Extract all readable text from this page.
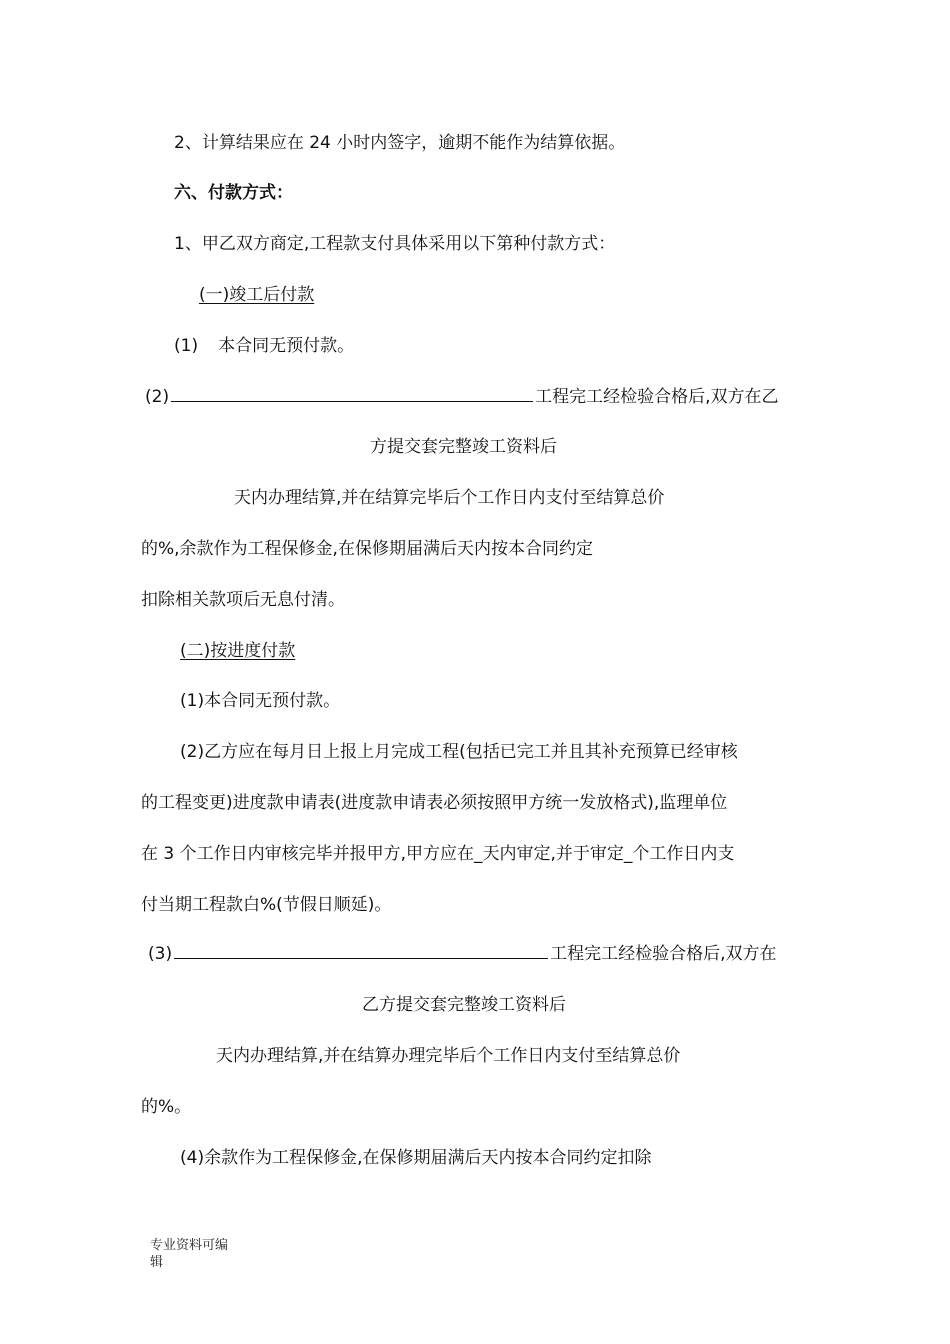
2、计算结果应在 24 小时内签字，逾期不能作为结算依据。
六、付款方式：
1、甲乙双方商定,工程款支付具体采用以下第种付款方式：
(一)竣工后付款
(1) 本合同无预付款。
(2)	工程完工经检验合格后,双方在乙
方提交套完整竣工资料后
天内办理结算,并在结算完毕后个工作日内支付至结算总价
的%,余款作为工程保修金,在保修期届满后天内按本合同约定
扣除相关款项后无息付清。
(二)按进度付款
(1)本合同无预付款。
(2)乙方应在每月日上报上月完成工程(包括已完工并且其补充预算已经审核
的工程变更)进度款申请表(进度款申请表必须按照甲方统一发放格式),监理单位
在 3 个工作日内审核完毕并报甲方,甲方应在_天内审定,并于审定_个工作日内支
付当期工程款白%(节假日顺延)。
(3)	工程完工经检验合格后,双方在
乙方提交套完整竣工资料后
天内办理结算,并在结算办理完毕后个工作日内支付至结算总价
的%。
(4)余款作为工程保修金,在保修期届满后天内按本合同约定扣除
专业资料可编
辑
